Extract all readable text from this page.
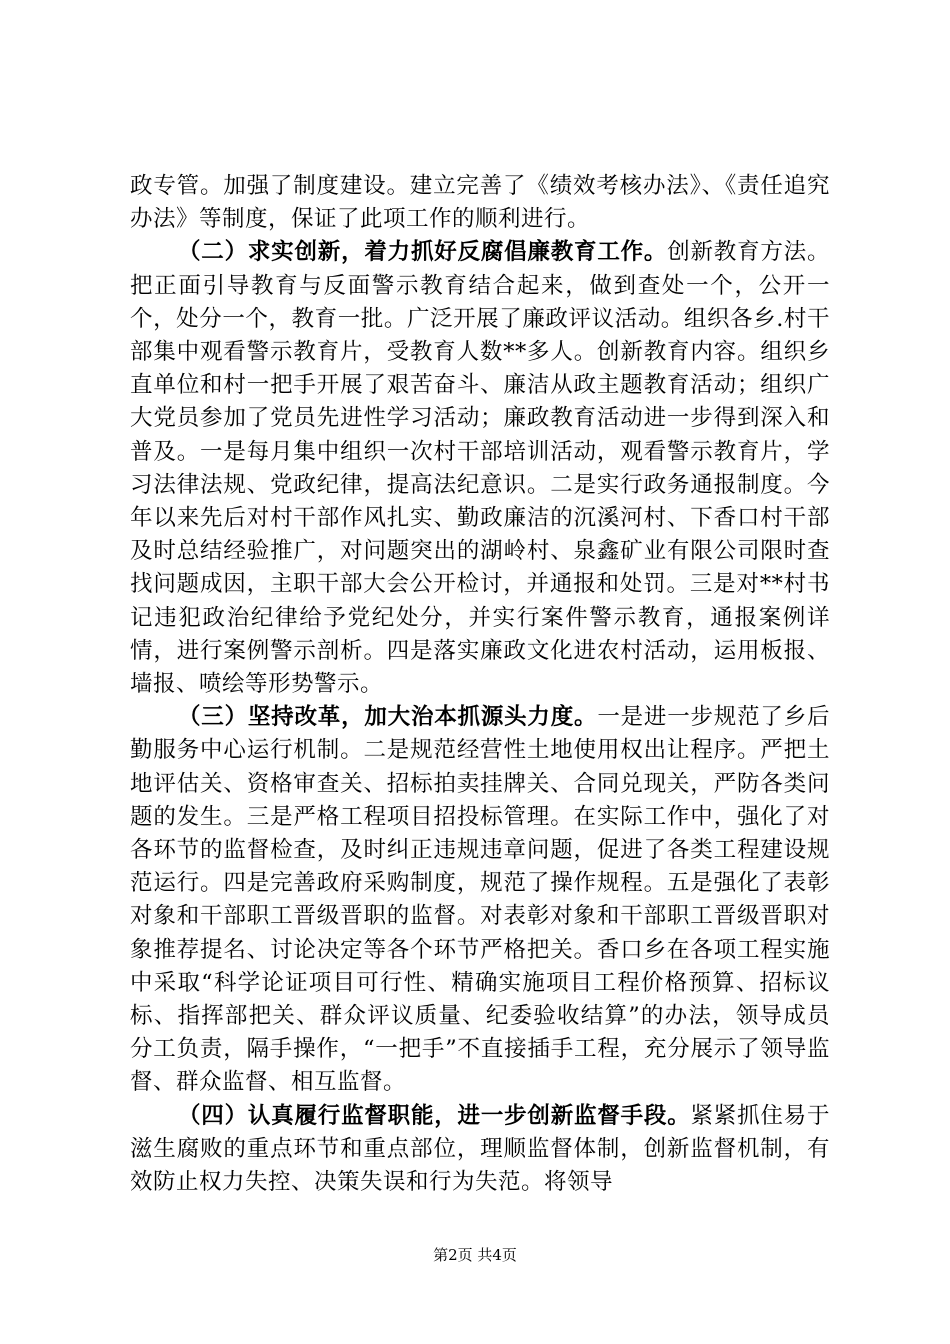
政专管。加强了制度建设。建立完善了《绩效考核办法》、《责任追究办法》等制度，保证了此项工作的顺利进行。

（二）求实创新，着力抓好反腐倡廉教育工作。创新教育方法。把正面引导教育与反面警示教育结合起来，做到查处一个，公开一个，处分一个，教育一批。广泛开展了廉政评议活动。组织各乡.村干部集中观看警示教育片，受教育人数**多人。创新教育内容。组织乡直单位和村一把手开展了艰苦奋斗、廉洁从政主题教育活动；组织广大党员参加了党员先进性学习活动；廉政教育活动进一步得到深入和普及。一是每月集中组织一次村干部培训活动，观看警示教育片，学习法律法规、党政纪律，提高法纪意识。二是实行政务通报制度。今年以来先后对村干部作风扎实、勤政廉洁的沉溪河村、下香口村干部及时总结经验推广，对问题突出的湖岭村、泉鑫矿业有限公司限时查找问题成因，主职干部大会公开检讨，并通报和处罚。三是对**村书记违犯政治纪律给予党纪处分，并实行案件警示教育，通报案例详情，进行案例警示剖析。四是落实廉政文化进农村活动，运用板报、墙报、喷绘等形势警示。

（三）坚持改革，加大治本抓源头力度。一是进一步规范了乡后勤服务中心运行机制。二是规范经营性土地使用权出让程序。严把土地评估关、资格审查关、招标拍卖挂牌关、合同兑现关，严防各类问题的发生。三是严格工程项目招投标管理。在实际工作中，强化了对各环节的监督检查，及时纠正违规违章问题，促进了各类工程建设规范运行。四是完善政府采购制度，规范了操作规程。五是强化了表彰对象和干部职工晋级晋职的监督。对表彰对象和干部职工晋级晋职对象推荐提名、讨论决定等各个环节严格把关。香口乡在各项工程实施中采取“科学论证项目可行性、精确实施项目工程价格预算、招标议标、指挥部把关、群众评议质量、纪委验收结算”的办法，领导成员分工负责，隔手操作，“一把手”不直接插手工程，充分展示了领导监督、群众监督、相互监督。

（四）认真履行监督职能，进一步创新监督手段。紧紧抓住易于滋生腐败的重点环节和重点部位，理顺监督体制，创新监督机制，有效防止权力失控、决策失误和行为失范。将领导

第2页 共4页
